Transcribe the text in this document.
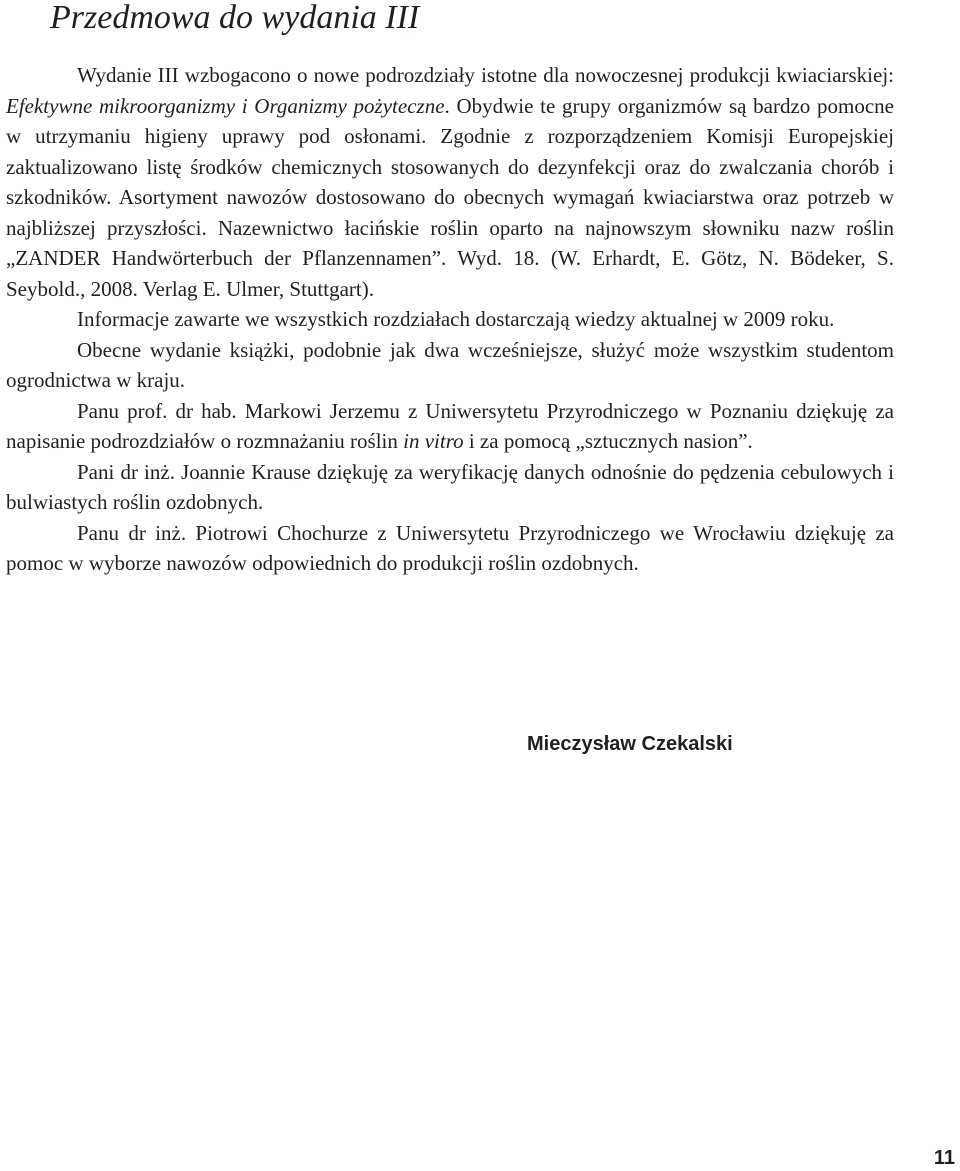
Przedmowa do wydania III

Wydanie III wzbogacono o nowe podrozdziały istotne dla nowoczesnej produkcji kwiaciarskiej: Efektywne mikroorganizmy i Organizmy pożyteczne. Obydwie te grupy organizmów są bardzo pomocne w utrzymaniu higieny uprawy pod osłonami. Zgodnie z rozporządzeniem Komisji Europejskiej zaktualizowano listę środków chemicznych stosowanych do dezynfekcji oraz do zwalczania chorób i szkodników. Asortyment nawozów dostosowano do obecnych wymagań kwiaciarstwa oraz potrzeb w najbliższej przyszłości. Nazewnictwo łacińskie roślin oparto na najnowszym słowniku nazw roślin „ZANDER Handwörterbuch der Pflanzennamen”. Wyd. 18. (W. Erhardt, E. Götz, N. Bödeker, S. Seybold., 2008. Verlag E. Ulmer, Stuttgart).

Informacje zawarte we wszystkich rozdziałach dostarczają wiedzy aktualnej w 2009 roku.

Obecne wydanie książki, podobnie jak dwa wcześniejsze, służyć może wszystkim studentom ogrodnictwa w kraju.

Panu prof. dr hab. Markowi Jerzemu z Uniwersytetu Przyrodniczego w Poznaniu dziękuję za napisanie podrozdziałów o rozmnażaniu roślin in vitro i za pomocą „sztucznych nasion”.

Pani dr inż. Joannie Krause dziękuję za weryfikację danych odnośnie do pędzenia cebulowych i bulwiastych roślin ozdobnych.

Panu dr inż. Piotrowi Chochurze z Uniwersytetu Przyrodniczego we Wrocławiu dziękuję za pomoc w wyborze nawozów odpowiednich do produkcji roślin ozdobnych.

Mieczysław Czekalski
11
